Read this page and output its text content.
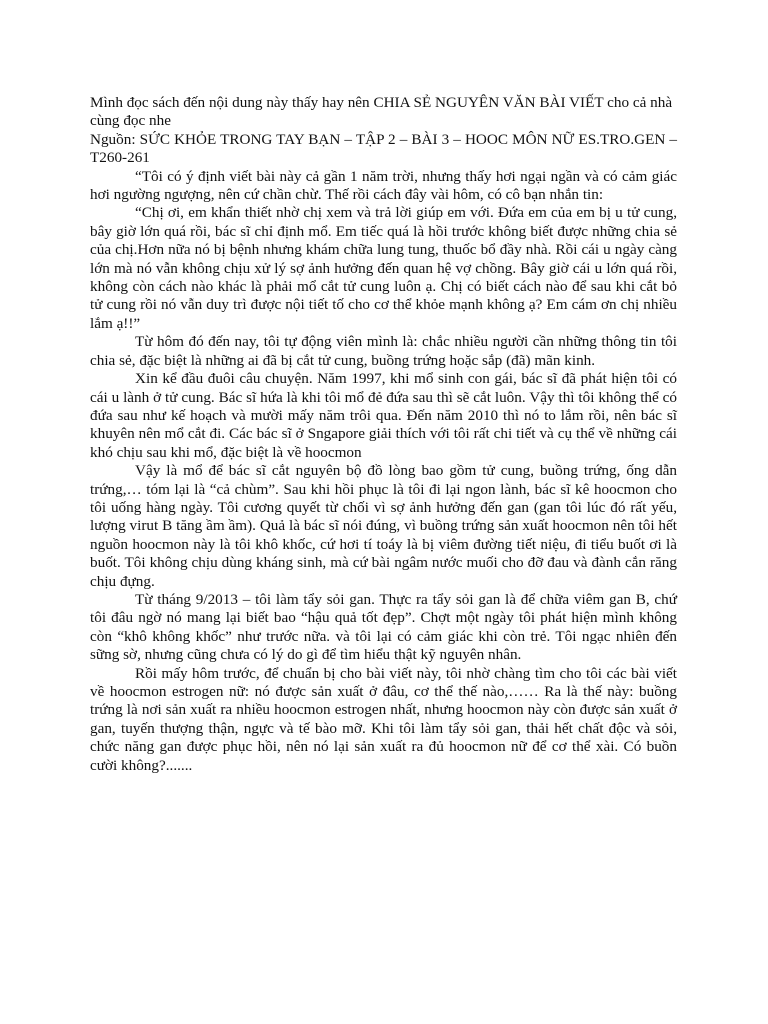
Mình đọc sách đến nội dung này thấy hay nên CHIA SẺ NGUYÊN VĂN BÀI VIẾT cho cả nhà cùng đọc nhe

Nguồn: SỨC KHỎE TRONG TAY BẠN – TẬP 2 – BÀI 3 – HOOC MÔN NỮ ES.TRO.GEN – T260-261

“Tôi có ý định viết bài này cả gần 1 năm trời, nhưng thấy hơi ngại ngần và có cảm giác hơi ngường ngượng, nên cứ chần chừ. Thế rồi cách đây vài hôm, có cô bạn nhắn tin:

“Chị ơi, em khẩn thiết nhờ chị xem và trả lời giúp em với. Đứa em của em bị u tử cung, bây giờ lớn quá rồi, bác sĩ chỉ định mổ. Em tiếc quá là hồi trước không biết được những chia sẻ của chị.Hơn nữa nó bị bệnh nhưng khám chữa lung tung, thuốc bổ đầy nhà. Rồi cái u ngày càng lớn mà nó vẫn không chịu xử lý sợ ảnh hưởng đến quan hệ vợ chồng. Bây giờ cái u lớn quá rồi, không còn cách nào khác là phải mổ cắt tử cung luôn ạ. Chị có biết cách nào để sau khi cắt bỏ tử cung rồi nó vẫn duy trì được nội tiết tố cho cơ thể khỏe mạnh không ạ? Em cám ơn chị nhiều lắm ạ!!”

Từ hôm đó đến nay, tôi tự động viên mình là: chắc nhiều người cần những thông tin tôi chia sẻ, đặc biệt là những ai đã bị cắt tử cung, buồng trứng hoặc sắp (đã) mãn kinh.

Xin kể đầu đuôi câu chuyện. Năm 1997, khi mổ sinh con gái, bác sĩ đã phát hiện tôi có cái u lành ở tử cung. Bác sĩ hứa là khi tôi mổ đẻ đứa sau thì sẽ cắt luôn. Vậy thì tôi không thể có đứa sau như kế hoạch và mười mấy năm trôi qua. Đến năm 2010 thì nó to lắm rồi, nên bác sĩ khuyên nên mổ cắt đi. Các bác sĩ ở Sngapore giải thích với tôi rất chi tiết và cụ thể về những cái khó chịu sau khi mổ, đặc biệt là về hoocmon

Vậy là mổ để bác sĩ cắt nguyên bộ đồ lòng bao gồm tử cung, buồng trứng, ống dẫn trứng,… tóm lại là “cả chùm”. Sau khi hồi phục là tôi đi lại ngon lành, bác sĩ kê hoocmon cho tôi uống hàng ngày. Tôi cương quyết từ chối vì sợ ảnh hưởng đến gan (gan tôi lúc đó rất yếu, lượng virut B tăng ầm ầm). Quả là bác sĩ nói đúng, vì buồng trứng sản xuất hoocmon nên tôi hết nguồn hoocmon này là tôi khô khốc, cứ hơi tí toáy là bị viêm đường tiết niệu, đi tiểu buốt ơi là buốt. Tôi không chịu dùng kháng sinh, mà cứ bài ngâm nước muối cho đỡ đau và đành cắn răng chịu đựng.

Từ tháng 9/2013 – tôi làm tẩy sỏi gan. Thực ra tẩy sỏi gan là để chữa viêm gan B, chứ tôi đâu ngờ nó mang lại biết bao “hậu quả tốt đẹp”. Chợt một ngày tôi phát hiện mình không còn “khô không khốc” như trước nữa. và tôi lại có cảm giác khi còn trẻ. Tôi ngạc nhiên đến sững sờ, nhưng cũng chưa có lý do gì để tìm hiểu thật kỹ nguyên nhân.

Rồi mấy hôm trước, để chuẩn bị cho bài viết này, tôi nhờ chàng tìm cho tôi các bài viết về hoocmon estrogen nữ: nó được sản xuất ở đâu, cơ thể thế nào,…… Ra là thế này: buồng trứng là nơi sản xuất ra nhiều hoocmon estrogen nhất, nhưng hoocmon này còn được sản xuất ở gan, tuyến thượng thận, ngực và tế bào mỡ. Khi tôi làm tẩy sỏi gan, thải hết chất độc và sỏi, chức năng gan được phục hồi, nên nó lại sản xuất ra đủ hoocmon nữ để cơ thể xài. Có buồn cười không?.......
